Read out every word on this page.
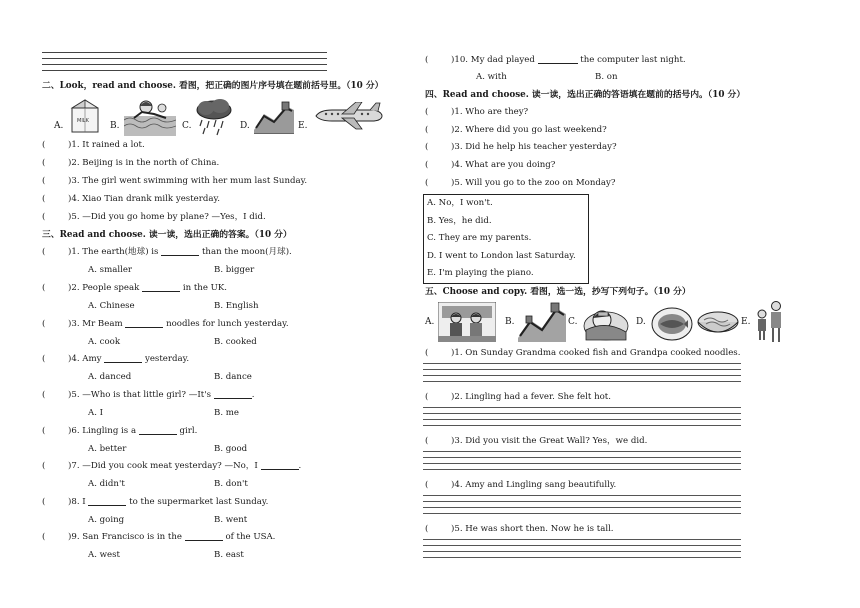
二、Look，read and choose. 看图，把正确的图片序号填在题前括号里。（10 分）
A.	MILK B.	C.	D.	E.
(	)1. It rained a lot.
(	)2. Beijing is in the north of China.
(	)3. The girl went swimming with her mum last Sunday.
(	)4. Xiao Tian drank milk yesterday.
(	)5. —Did you go home by plane? —Yes，I did.
三、Read and choose. 读一读，选出正确的答案。（10 分）
(	)1. The earth(地球) is	than the moon(月球).
A. smaller	B. bigger
(	)2. People speak	in the UK.
A. Chinese	B. English
(	)3. Mr Beam	noodles for lunch yesterday.
A. cook	B. cooked
(	)4. Amy	yesterday.
A. danced	B. dance
(	)5. —Who is that little girl? —It's	.
A. I	B. me
(	)6. Lingling is a	girl.
A. better	B. good
(	)7. —Did you cook meat yesterday? —No，I	.
A. didn't	B. don't
(	)8. I	to the supermarket last Sunday.
A. going	B. went
(	)9. San Francisco is in the	of the USA.
A. west	B. east
(	)10. My dad played	the computer last night.
A. with	B. on
四、Read and choose. 读一读，选出正确的答语填在题前的括号内。（10 分）
(	)1. Who are they?
(	)2. Where did you go last weekend?
(	)3. Did he help his teacher yesterday?
(	)4. What are you doing?
(	)5. Will you go to the zoo on Monday?
A. No，I won't.
B. Yes，he did.
C. They are my parents.
D. I went to London last Saturday.
E. I'm playing the piano.
五、Choose and copy. 看图，选一选，抄写下列句子。（10 分）
A.	B.	C.	D.	E.
(	)1. On Sunday Grandma cooked fish and Grandpa cooked noodles.
(	)2. Lingling had a fever. She felt hot.
(	)3. Did you visit the Great Wall? Yes，we did.
(	)4. Amy and Lingling sang beautifully.
(	)5. He was short then. Now he is tall.
